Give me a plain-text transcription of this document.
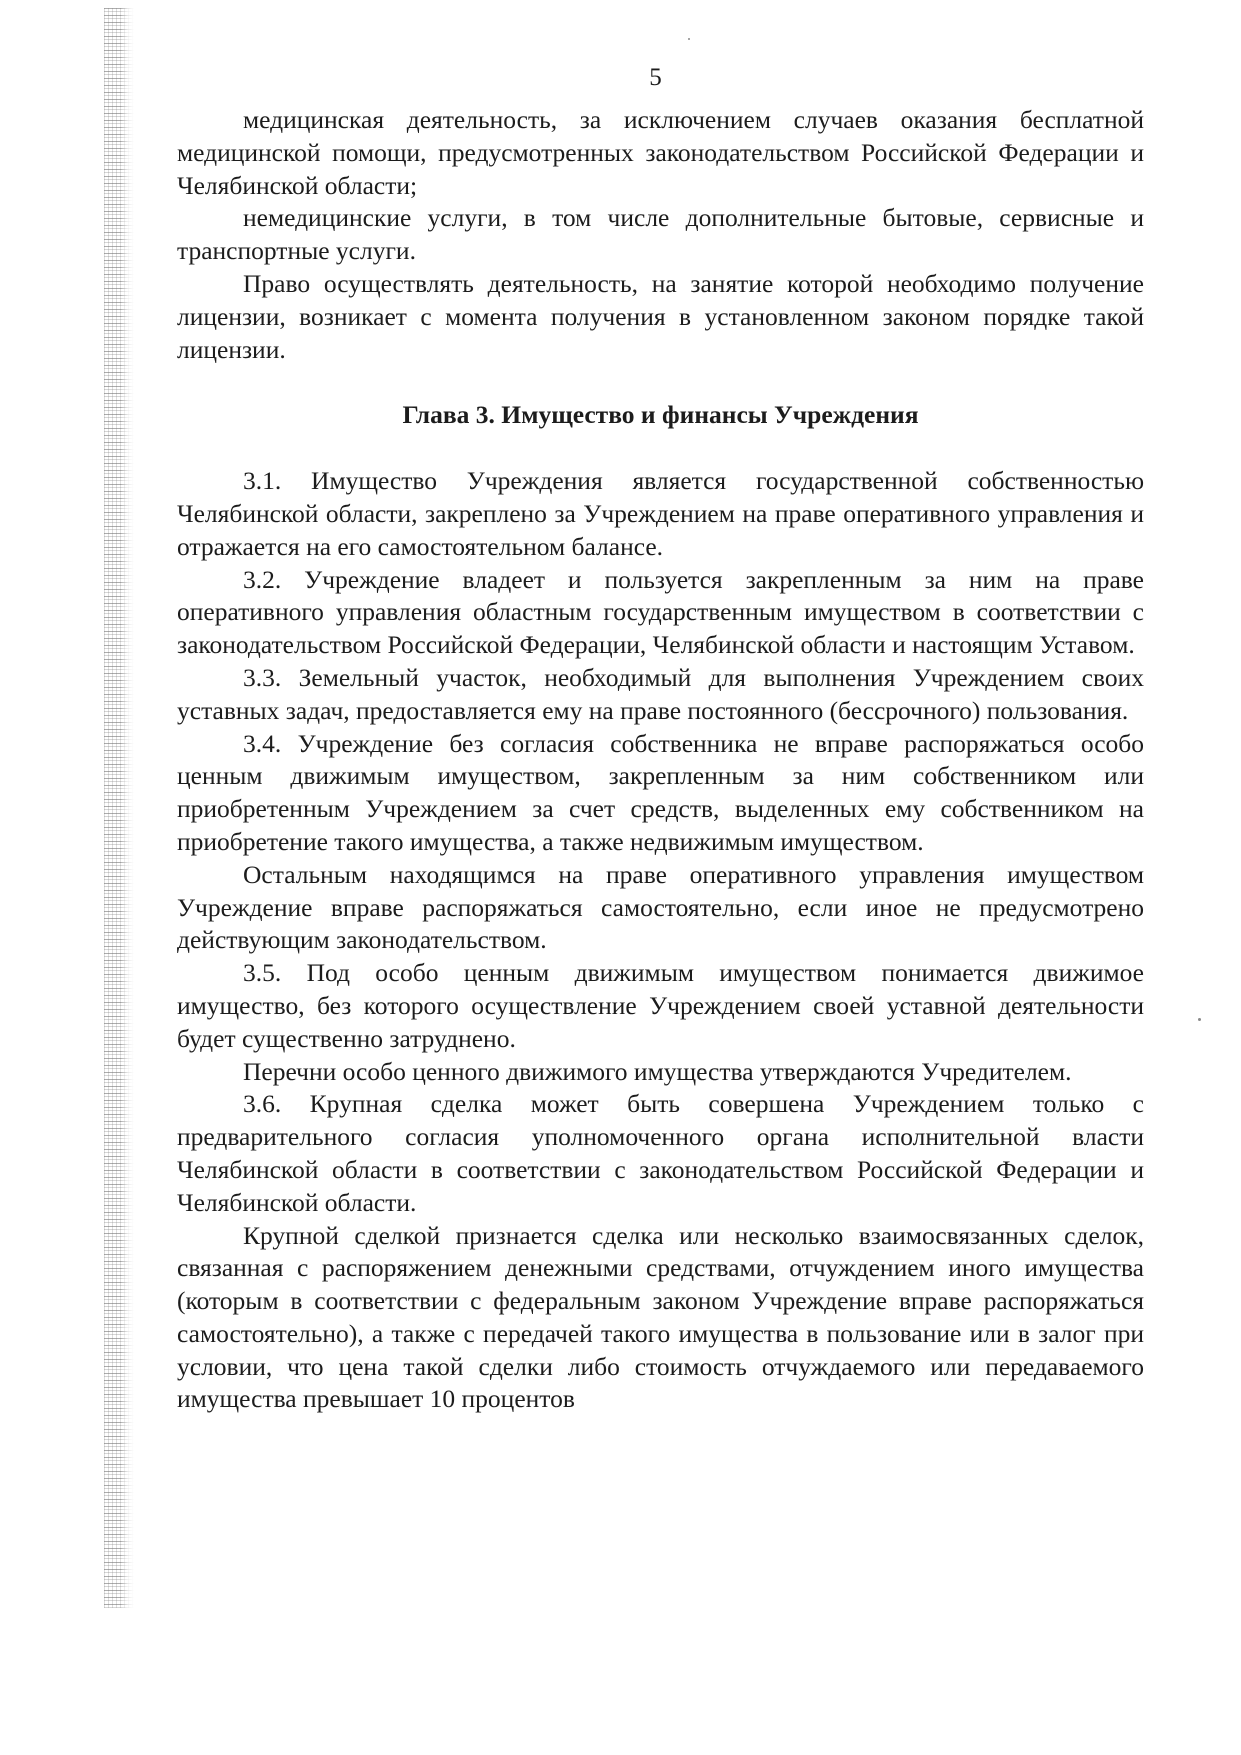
5

медицинская деятельность, за исключением случаев оказания бесплатной медицинской помощи, предусмотренных законодательством Российской Федерации и Челябинской области;

немедицинские услуги, в том числе дополнительные бытовые, сервисные и транспортные услуги.

Право осуществлять деятельность, на занятие которой необходимо получение лицензии, возникает с момента получения в установленном законом порядке такой лицензии.

Глава 3. Имущество и финансы Учреждения

3.1. Имущество Учреждения является государственной собственностью Челябинской области, закреплено за Учреждением на праве оперативного управления и отражается на его самостоятельном балансе.

3.2. Учреждение владеет и пользуется закрепленным за ним на праве оперативного управления областным государственным имуществом в соответствии с законодательством Российской Федерации, Челябинской области и настоящим Уставом.

3.3. Земельный участок, необходимый для выполнения Учреждением своих уставных задач, предоставляется ему на праве постоянного (бессрочного) пользования.

3.4. Учреждение без согласия собственника не вправе распоряжаться особо ценным движимым имуществом, закрепленным за ним собственником или приобретенным Учреждением за счет средств, выделенных ему собственником на приобретение такого имущества, а также недвижимым имуществом.

Остальным находящимся на праве оперативного управления имуществом Учреждение вправе распоряжаться самостоятельно, если иное не предусмотрено действующим законодательством.

3.5. Под особо ценным движимым имуществом понимается движимое имущество, без которого осуществление Учреждением своей уставной деятельности будет существенно затруднено.

Перечни особо ценного движимого имущества утверждаются Учредителем.

3.6. Крупная сделка может быть совершена Учреждением только с предварительного согласия уполномоченного органа исполнительной власти Челябинской области в соответствии с законодательством Российской Федерации и Челябинской области.

Крупной сделкой признается сделка или несколько взаимосвязанных сделок, связанная с распоряжением денежными средствами, отчуждением иного имущества (которым в соответствии с федеральным законом Учреждение вправе распоряжаться самостоятельно), а также с передачей такого имущества в пользование или в залог при условии, что цена такой сделки либо стоимость отчуждаемого или передаваемого имущества превышает 10 процентов
